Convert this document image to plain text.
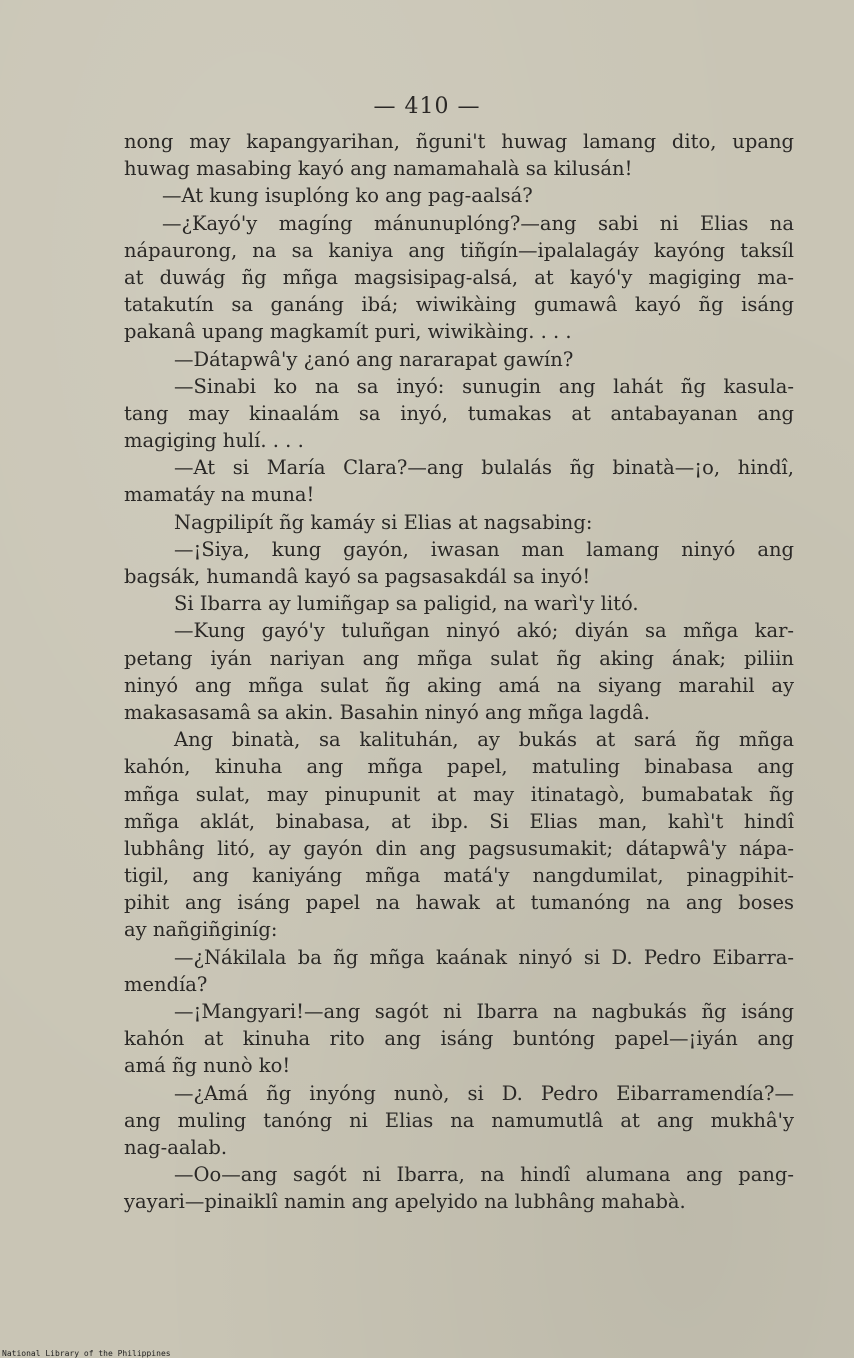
— 410 —
nong may kapangyarihan, ñguni't huwag lamang dito, upang
huwag masabing kayó ang namamahalà sa kilusán!
—At kung isuplóng ko ang pag-aalsá?
—¿Kayó'y magíng mánunuplóng?—ang sabi ni Elias na
nápaurong, na sa kaniya ang tiñgín—ipalalagáy kayóng taksíl
at duwág ñg mñga magsisipag-alsá, at kayó'y magiging ma-
tatakutín sa ganáng ibá; wiwikàing gumawâ kayó ñg isáng
pakanâ upang magkamít puri, wiwikàing. . . .
—Dátapwâ'y ¿anó ang nararapat gawín?
—Sinabi ko na sa inyó: sunugin ang lahát ñg kasula-
tang may kinaalám sa inyó, tumakas at antabayanan ang
magiging hulí. . . .
—At si María Clara?—ang bulalás ñg binatà—¡o, hindî,
mamatáy na muna!
Nagpilipít ñg kamáy si Elias at nagsabing:
—¡Siya, kung gayón, iwasan man lamang ninyó ang
bagsák, humandâ kayó sa pagsasakdál sa inyó!
Si Ibarra ay lumiñgap sa paligid, na warì'y litó.
—Kung gayó'y tuluñgan ninyó akó; diyán sa mñga kar-
petang iyán nariyan ang mñga sulat ñg aking ának; piliin
ninyó ang mñga sulat ñg aking amá na siyang marahil ay
makasasamâ sa akin. Basahin ninyó ang mñga lagdâ.
Ang binatà, sa kalituhán, ay bukás at sará ñg mñga
kahón, kinuha ang mñga papel, matuling binabasa ang
mñga sulat, may pinupunit at may itinatagò, bumabatak ñg
mñga aklát, binabasa, at ibp. Si Elias man, kahì't hindî
lubhâng litó, ay gayón din ang pagsusumakit; dátapwâ'y nápa-
tigil, ang kaniyáng mñga matá'y nangdumilat, pinagpihit-
pihit ang isáng papel na hawak at tumanóng na ang boses
ay nañgiñginíg:
—¿Nákilala ba ñg mñga kaának ninyó si D. Pedro Eibarra-
mendía?
—¡Mangyari!—ang sagót ni Ibarra na nagbukás ñg isáng
kahón at kinuha rito ang isáng buntóng papel—¡iyán ang
amá ñg nunò ko!
—¿Amá ñg inyóng nunò, si D. Pedro Eibarramendía?—
ang muling tanóng ni Elias na namumutlâ at ang mukhâ'y
nag-aalab.
—Oo—ang sagót ni Ibarra, na hindî alumana ang pang-
yayari—pinaiklî namin ang apelyido na lubhâng mahabà.
National Library of the Philippines
